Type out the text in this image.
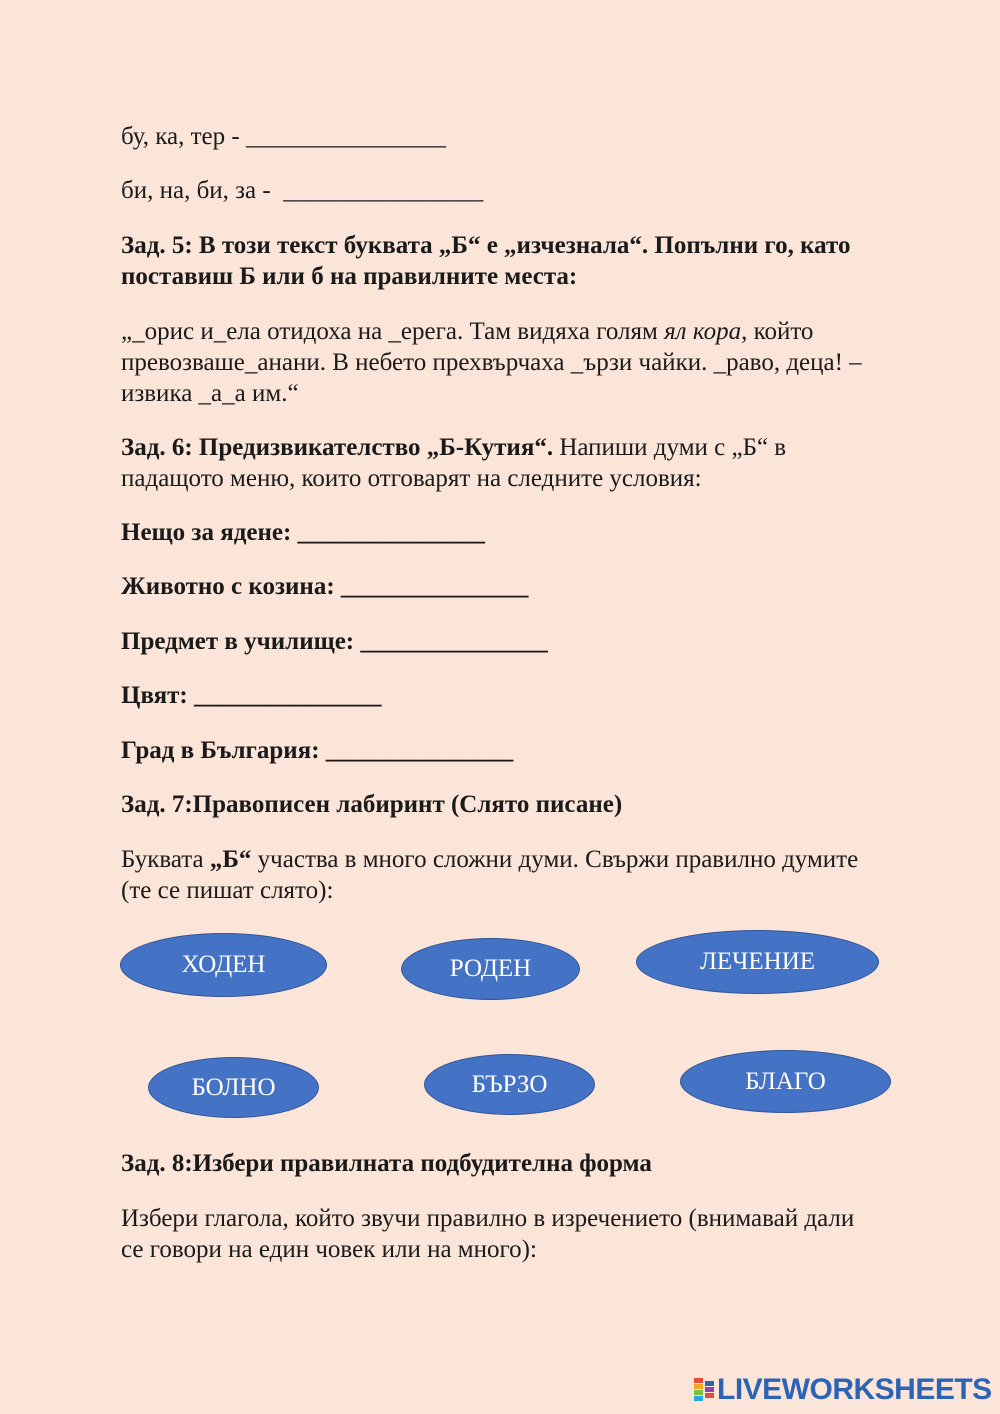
бу, ка, тер - ________________
би, на, би, за -  ________________
Зад. 5: В този текст буквата „Б“ е „изчезнала“. Попълни го, като поставиш Б или б на правилните места:
„_орис и_ела отидоха на _ерега. Там видяха голям ял кора, който превозваше_анани. В небето прехвърчаха _ързи чайки. _раво, деца! – извика _а_а им.“
Зад. 6: Предизвикателство „Б-Кутия“. Напиши думи с „Б“ в падащото меню, които отговарят на следните условия:
Нещо за ядене: _______________
Животно с козина: _______________
Предмет в училище: _______________
Цвят: _______________
Град в България: _______________
Зад. 7:Правописен лабиринт (Слято писане)
Буквата „Б“ участва в много сложни думи. Свържи правилно думите (те се пишат слято):
ХОДЕН	РОДЕН	ЛЕЧЕНИЕ
БОЛНО	БЪРЗО	БЛАГО
Зад. 8:Избери правилната подбудителна форма
Избери глагола, който звучи правилно в изречението (внимавай дали се говори на един човек или на много):
LIVEWORKSHEETS
